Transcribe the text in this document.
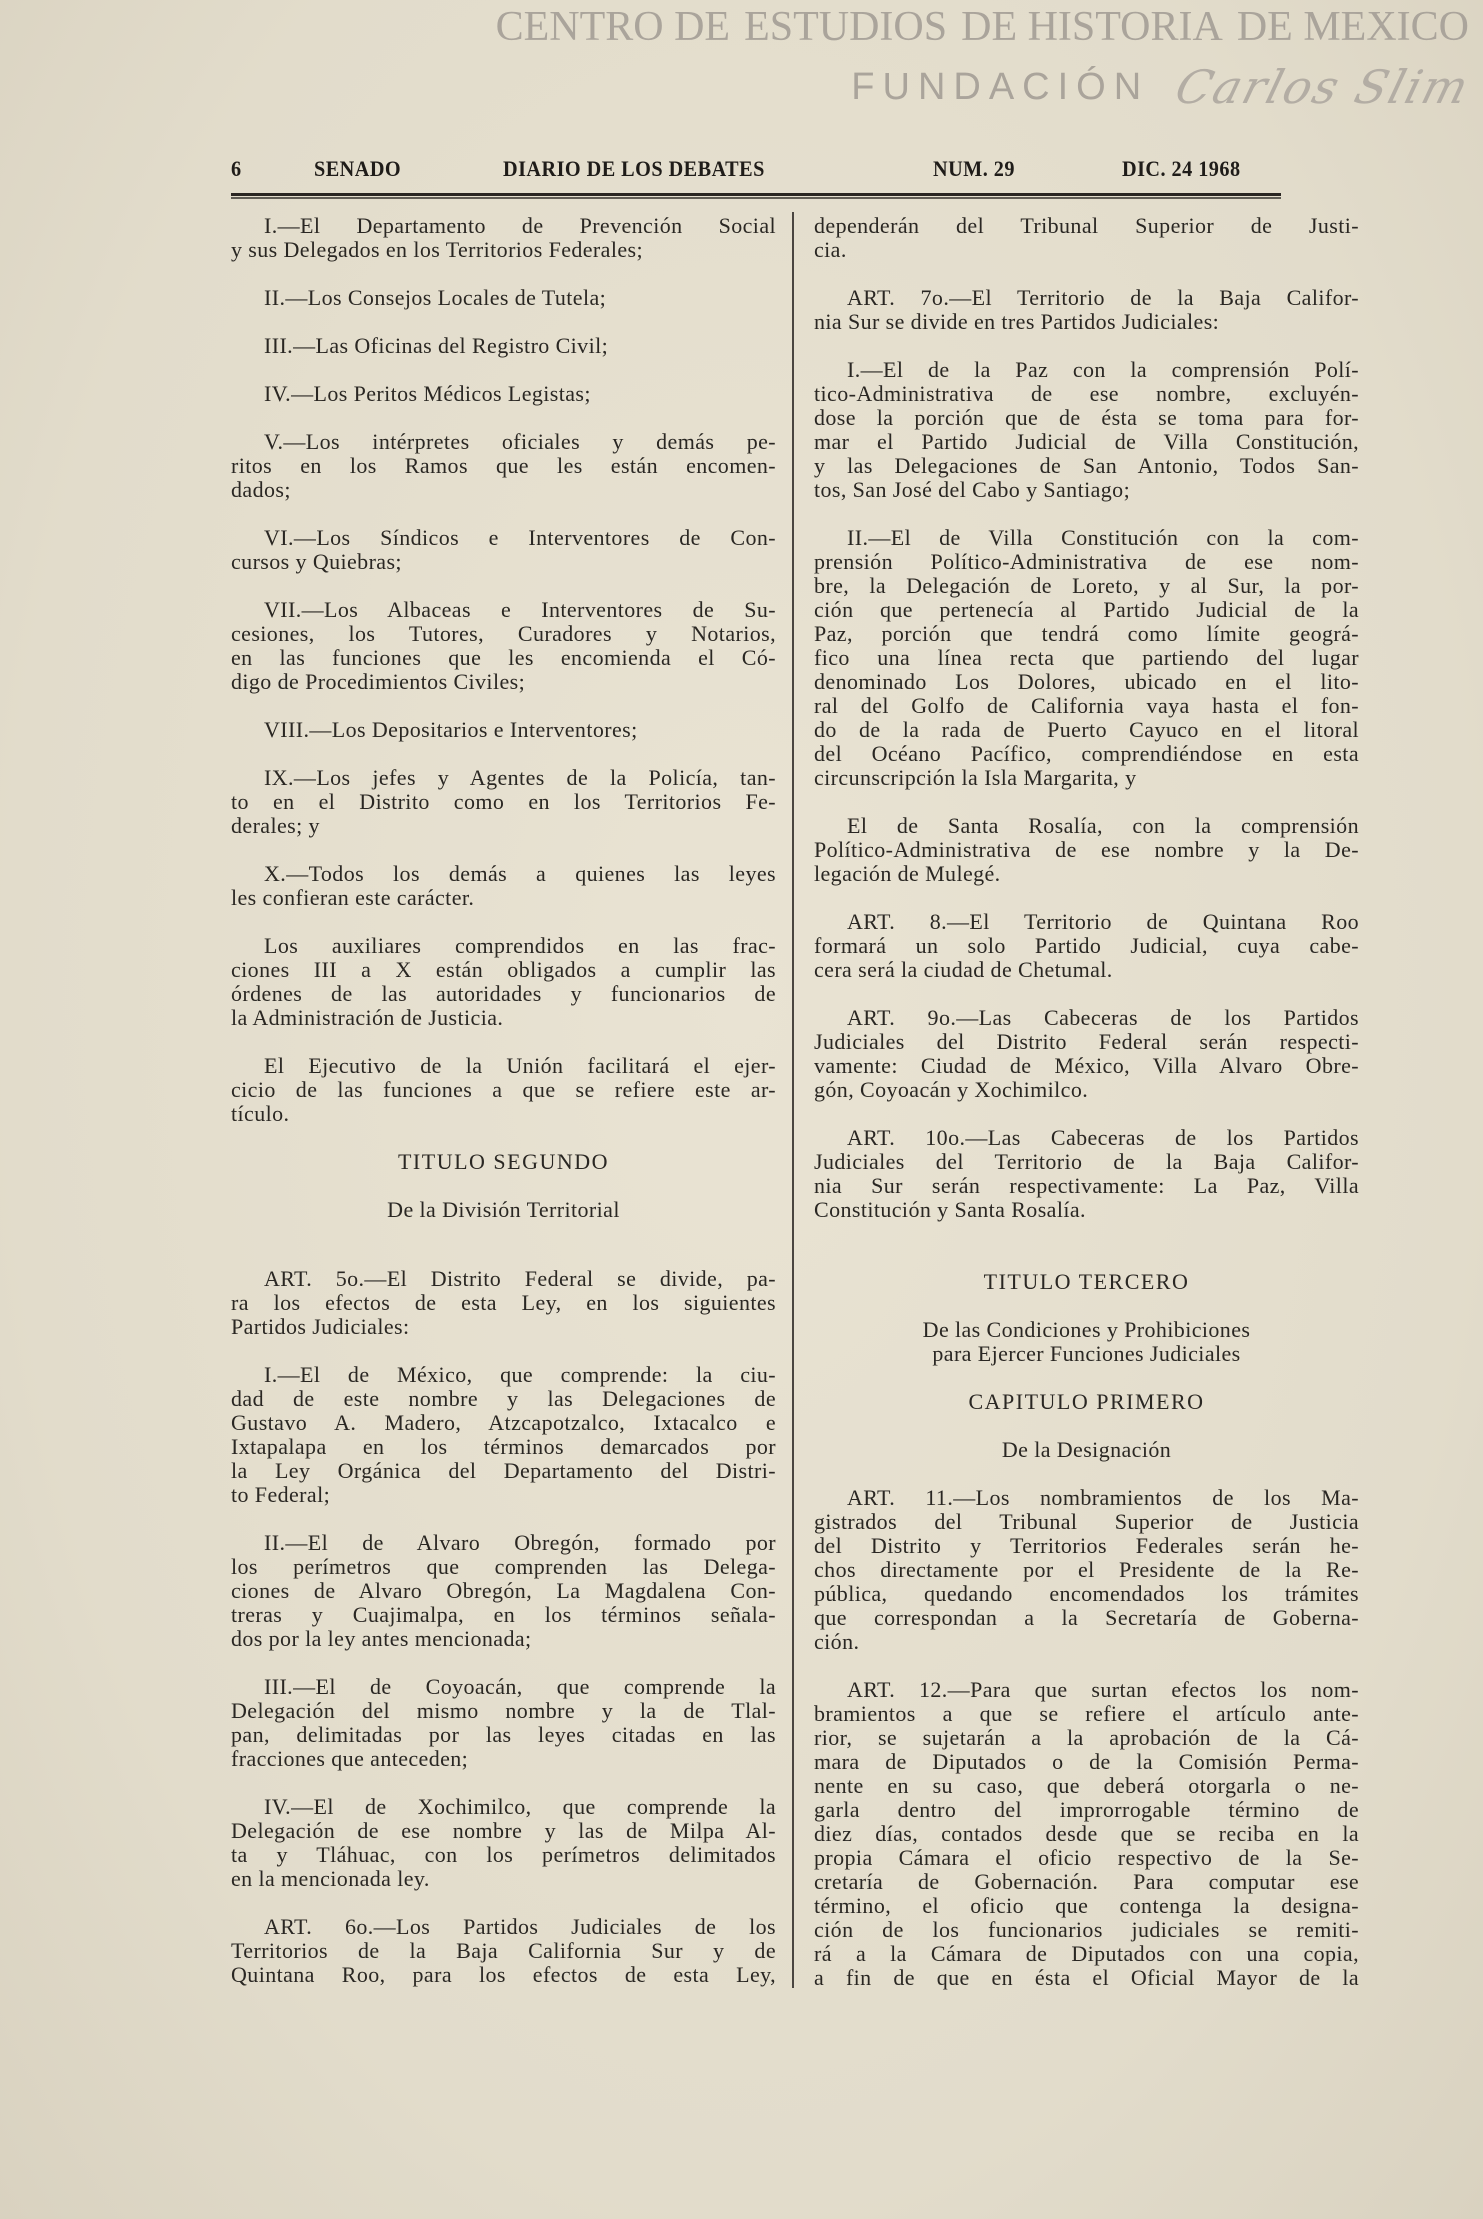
CENTRO DE ESTUDIOS DE HISTORIA DE MEXICO
FUNDACIÓN Carlos Slim
6	SENADO	DIARIO DE LOS DEBATES	NUM. 29	DIC. 24 1968
I.—El Departamento de Prevención Social
y sus Delegados en los Territorios Federales;
II.—Los Consejos Locales de Tutela;
III.—Las Oficinas del Registro Civil;
IV.—Los Peritos Médicos Legistas;
V.—Los intérpretes oficiales y demás pe-
ritos en los Ramos que les están encomen-
dados;
VI.—Los Síndicos e Interventores de Con-
cursos y Quiebras;
VII.—Los Albaceas e Interventores de Su-
cesiones, los Tutores, Curadores y Notarios,
en las funciones que les encomienda el Có-
digo de Procedimientos Civiles;
VIII.—Los Depositarios e Interventores;
IX.—Los jefes y Agentes de la Policía, tan-
to en el Distrito como en los Territorios Fe-
derales; y
X.—Todos los demás a quienes las leyes
les confieran este carácter.
Los auxiliares comprendidos en las frac-
ciones III a X están obligados a cumplir las
órdenes de las autoridades y funcionarios de
la Administración de Justicia.
El Ejecutivo de la Unión facilitará el ejer-
cicio de las funciones a que se refiere este ar-
tículo.
TITULO SEGUNDO
De la División Territorial
ART. 5o.—El Distrito Federal se divide, pa-
ra los efectos de esta Ley, en los siguientes
Partidos Judiciales:
I.—El de México, que comprende: la ciu-
dad de este nombre y las Delegaciones de
Gustavo A. Madero, Atzcapotzalco, Ixtacalco e
Ixtapalapa en los términos demarcados por
la Ley Orgánica del Departamento del Distri-
to Federal;
II.—El de Alvaro Obregón, formado por
los perímetros que comprenden las Delega-
ciones de Alvaro Obregón, La Magdalena Con-
treras y Cuajimalpa, en los términos señala-
dos por la ley antes mencionada;
III.—El de Coyoacán, que comprende la
Delegación del mismo nombre y la de Tlal-
pan, delimitadas por las leyes citadas en las
fracciones que anteceden;
IV.—El de Xochimilco, que comprende la
Delegación de ese nombre y las de Milpa Al-
ta y Tláhuac, con los perímetros delimitados
en la mencionada ley.
ART. 6o.—Los Partidos Judiciales de los
Territorios de la Baja California Sur y de
Quintana Roo, para los efectos de esta Ley,
dependerán del Tribunal Superior de Justi-
cia.
ART. 7o.—El Territorio de la Baja Califor-
nia Sur se divide en tres Partidos Judiciales:
I.—El de la Paz con la comprensión Polí-
tico-Administrativa de ese nombre, excluyén-
dose la porción que de ésta se toma para for-
mar el Partido Judicial de Villa Constitución,
y las Delegaciones de San Antonio, Todos San-
tos, San José del Cabo y Santiago;
II.—El de Villa Constitución con la com-
prensión Político-Administrativa de ese nom-
bre, la Delegación de Loreto, y al Sur, la por-
ción que pertenecía al Partido Judicial de la
Paz, porción que tendrá como límite geográ-
fico una línea recta que partiendo del lugar
denominado Los Dolores, ubicado en el lito-
ral del Golfo de California vaya hasta el fon-
do de la rada de Puerto Cayuco en el litoral
del Océano Pacífico, comprendiéndose en esta
circunscripción la Isla Margarita, y
El de Santa Rosalía, con la comprensión
Político-Administrativa de ese nombre y la De-
legación de Mulegé.
ART. 8.—El Territorio de Quintana Roo
formará un solo Partido Judicial, cuya cabe-
cera será la ciudad de Chetumal.
ART. 9o.—Las Cabeceras de los Partidos
Judiciales del Distrito Federal serán respecti-
vamente: Ciudad de México, Villa Alvaro Obre-
gón, Coyoacán y Xochimilco.
ART. 10o.—Las Cabeceras de los Partidos
Judiciales del Territorio de la Baja Califor-
nia Sur serán respectivamente: La Paz, Villa
Constitución y Santa Rosalía.
TITULO TERCERO
De las Condiciones y Prohibiciones
para Ejercer Funciones Judiciales
CAPITULO PRIMERO
De la Designación
ART. 11.—Los nombramientos de los Ma-
gistrados del Tribunal Superior de Justicia
del Distrito y Territorios Federales serán he-
chos directamente por el Presidente de la Re-
pública, quedando encomendados los trámites
que correspondan a la Secretaría de Goberna-
ción.
ART. 12.—Para que surtan efectos los nom-
bramientos a que se refiere el artículo ante-
rior, se sujetarán a la aprobación de la Cá-
mara de Diputados o de la Comisión Perma-
nente en su caso, que deberá otorgarla o ne-
garla dentro del improrrogable término de
diez días, contados desde que se reciba en la
propia Cámara el oficio respectivo de la Se-
cretaría de Gobernación. Para computar ese
término, el oficio que contenga la designa-
ción de los funcionarios judiciales se remiti-
rá a la Cámara de Diputados con una copia,
a fin de que en ésta el Oficial Mayor de la
